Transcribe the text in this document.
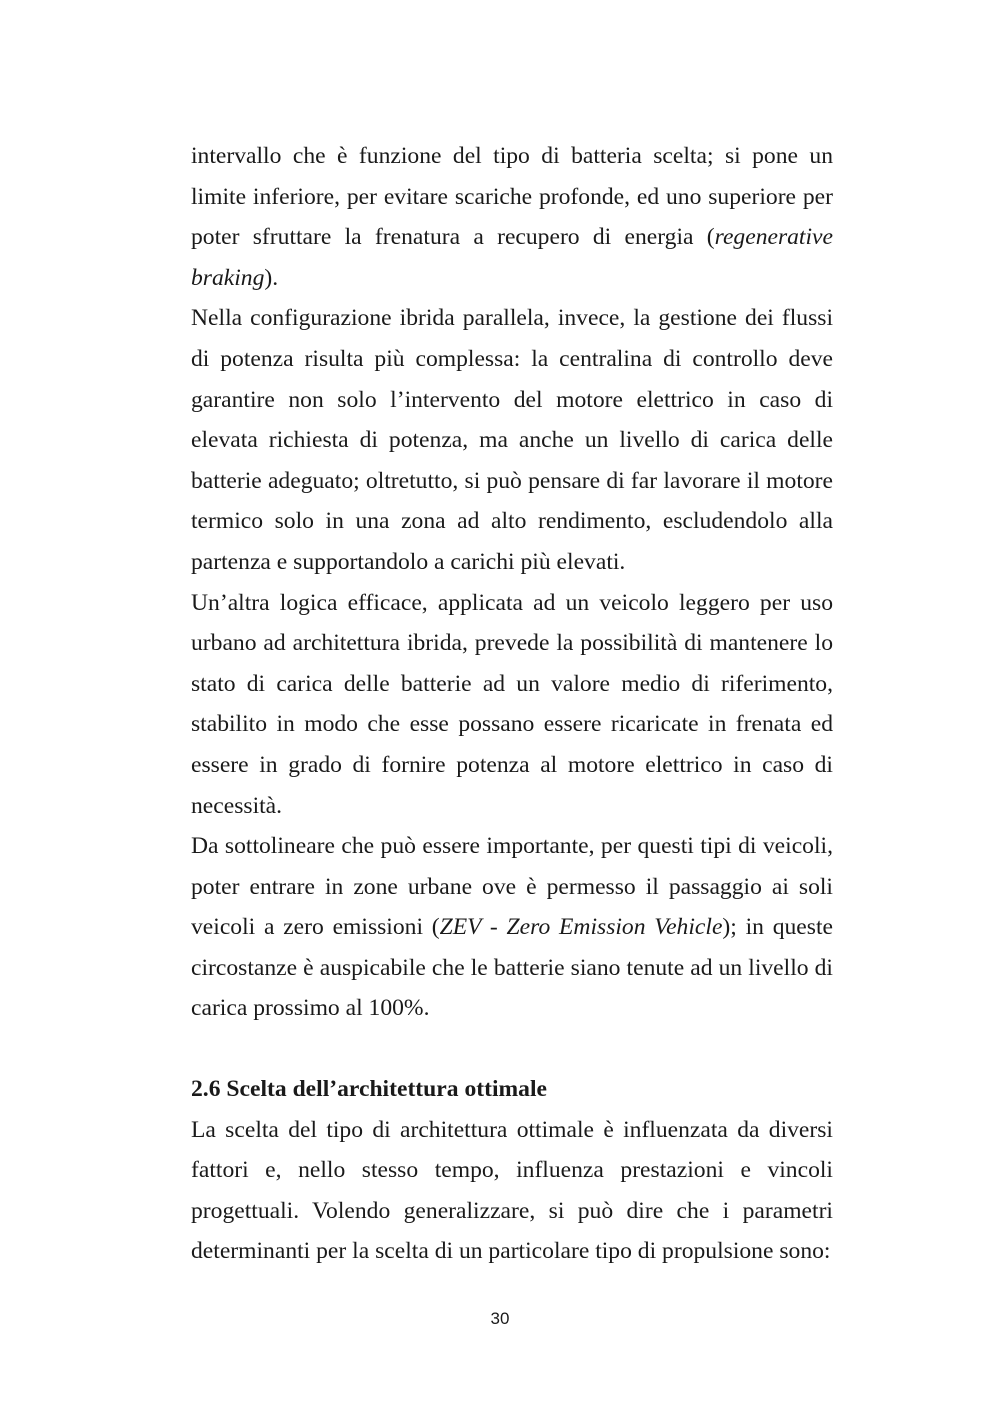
intervallo che è funzione del tipo di batteria scelta; si pone un limite inferiore, per evitare scariche profonde, ed uno superiore per poter sfruttare la frenatura a recupero di energia (regenerative braking).

Nella configurazione ibrida parallela, invece, la gestione dei flussi di potenza risulta più complessa: la centralina di controllo deve garantire non solo l’intervento del motore elettrico in caso di elevata richiesta di potenza, ma anche un livello di carica delle batterie adeguato; oltretutto, si può pensare di far lavorare il motore termico solo in una zona ad alto rendimento, escludendolo alla partenza e supportandolo a carichi più elevati.

Un’altra logica efficace, applicata ad un veicolo leggero per uso urbano ad architettura ibrida, prevede la possibilità di mantenere lo stato di carica delle batterie ad un valore medio di riferimento, stabilito in modo che esse possano essere ricaricate in frenata ed essere in grado di fornire potenza al motore elettrico in caso di necessità.

Da sottolineare che può essere importante, per questi tipi di veicoli, poter entrare in zone urbane ove è permesso il passaggio ai soli veicoli a zero emissioni (ZEV - Zero Emission Vehicle); in queste circostanze è auspicabile che le batterie siano tenute ad un livello di carica prossimo al 100%.

2.6 Scelta dell’architettura ottimale

La scelta del tipo di architettura ottimale è influenzata da diversi fattori e, nello stesso tempo, influenza prestazioni e vincoli progettuali. Volendo generalizzare, si può dire che i parametri determinanti per la scelta di un particolare tipo di propulsione sono:

30
